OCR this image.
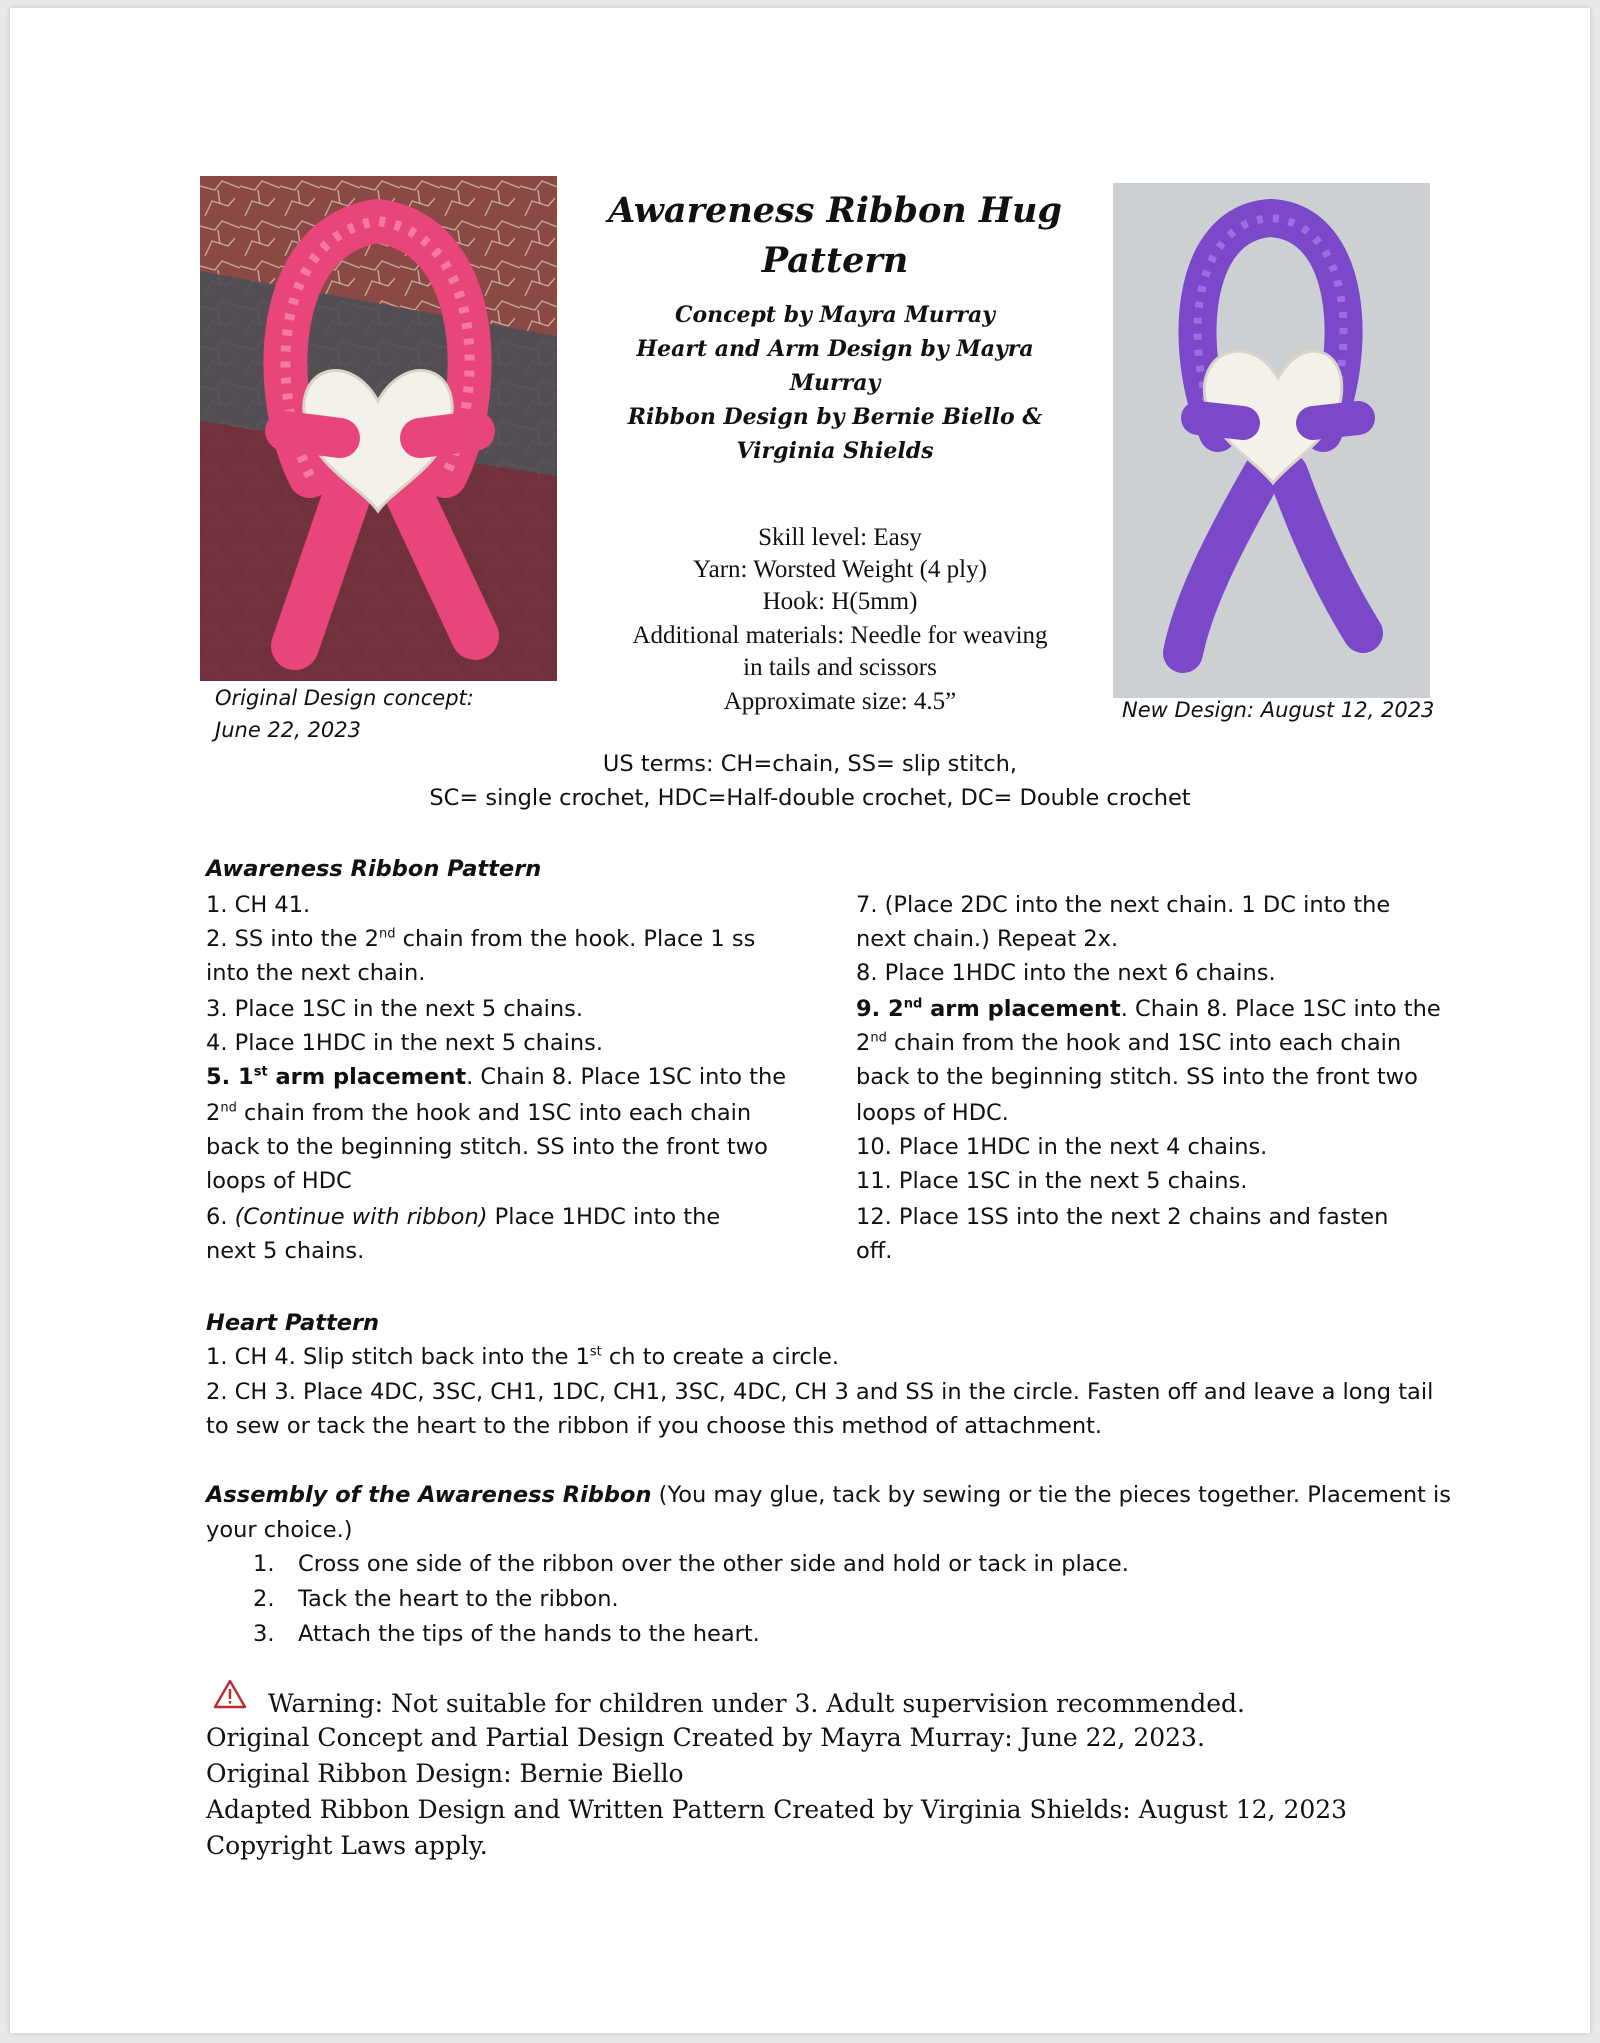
Original Design concept:
June 22, 2023
New Design: August 12, 2023
Awareness Ribbon Hug
Pattern
Concept by Mayra Murray
Heart and Arm Design by Mayra
Murray
Ribbon Design by Bernie Biello &
Virginia Shields
Skill level: Easy
Yarn: Worsted Weight (4 ply)
Hook: H(5mm)
Additional materials: Needle for weaving
in tails and scissors
Approximate size: 4.5”
US terms: CH=chain, SS= slip stitch,
SC= single crochet, HDC=Half-double crochet, DC= Double crochet
Awareness Ribbon Pattern
1. CH 41.
2. SS into the 2nd chain from the hook. Place 1 ss
into the next chain.
3. Place 1SC in the next 5 chains.
4. Place 1HDC in the next 5 chains.
5. 1st arm placement. Chain 8. Place 1SC into the
2nd chain from the hook and 1SC into each chain
back to the beginning stitch. SS into the front two
loops of HDC
6. (Continue with ribbon) Place 1HDC into the
next 5 chains.
7. (Place 2DC into the next chain. 1 DC into the
next chain.) Repeat 2x.
8. Place 1HDC into the next 6 chains.
9. 2nd arm placement. Chain 8. Place 1SC into the
2nd chain from the hook and 1SC into each chain
back to the beginning stitch. SS into the front two
loops of HDC.
10. Place 1HDC in the next 4 chains.
11. Place 1SC in the next 5 chains.
12. Place 1SS into the next 2 chains and fasten
off.
Heart Pattern
1. CH 4. Slip stitch back into the 1st ch to create a circle.
2. CH 3. Place 4DC, 3SC, CH1, 1DC, CH1, 3SC, 4DC, CH 3 and SS in the circle. Fasten off and leave a long tail
to sew or tack the heart to the ribbon if you choose this method of attachment.
Assembly of the Awareness Ribbon (You may glue, tack by sewing or tie the pieces together. Placement is
your choice.)
1. Cross one side of the ribbon over the other side and hold or tack in place.
2. Tack the heart to the ribbon.
3. Attach the tips of the hands to the heart.
Warning: Not suitable for children under 3. Adult supervision recommended.
Original Concept and Partial Design Created by Mayra Murray: June 22, 2023.
Original Ribbon Design: Bernie Biello
Adapted Ribbon Design and Written Pattern Created by Virginia Shields: August 12, 2023
Copyright Laws apply.
